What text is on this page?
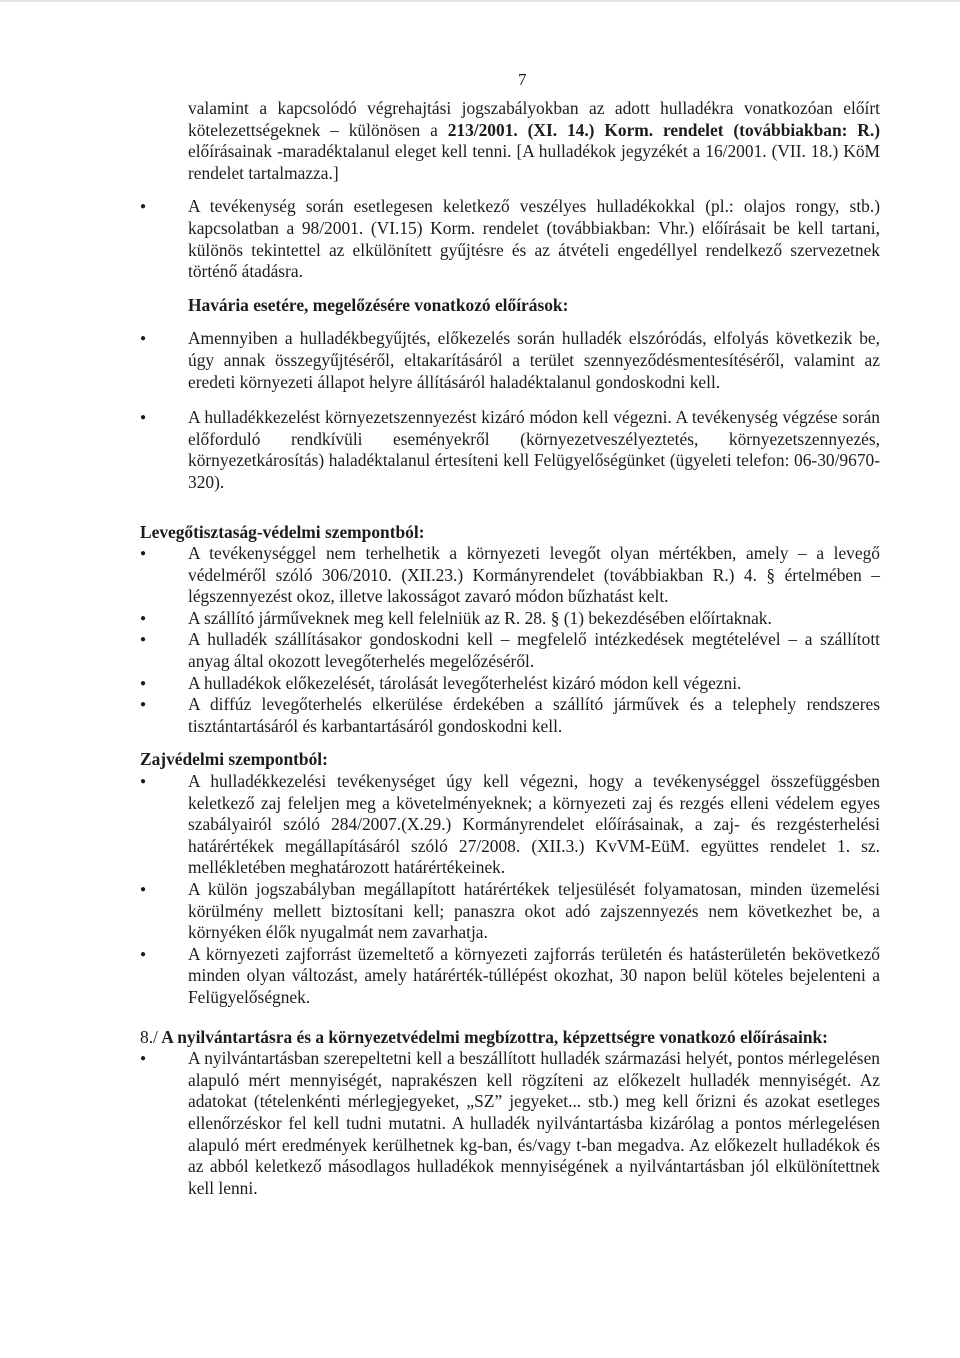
7

valamint a kapcsolódó végrehajtási jogszabályokban az adott hulladékra vonatkozóan előírt kötelezettségeknek – különösen a 213/2001. (XI. 14.) Korm. rendelet (továbbiakban: R.) előírásainak -maradéktalanul eleget kell tenni. [A hulladékok jegyzékét a 16/2001. (VII. 18.) KöM rendelet tartalmazza.]

● A tevékenység során esetlegesen keletkező veszélyes hulladékokkal (pl.: olajos rongy, stb.) kapcsolatban a 98/2001. (VI.15) Korm. rendelet (továbbiakban: Vhr.) előírásait be kell tartani, különös tekintettel az elkülönített gyűjtésre és az átvételi engedéllyel rendelkező szervezetnek történő átadásra.

Havária esetére, megelőzésére vonatkozó előírások:

● Amennyiben a hulladékbegyűjtés, előkezelés során hulladék elszóródás, elfolyás következik be, úgy annak összegyűjtéséről, eltakarításáról a terület szennyeződésmentesítéséről, valamint az eredeti környezeti állapot helyre állításáról haladéktalanul gondoskodni kell.
● A hulladékkezelést környezetszennyezést kizáró módon kell végezni. A tevékenység végzése során előforduló rendkívüli eseményekről (környezetveszélyeztetés, környezetszennyezés, környezetkárosítás) haladéktalanul értesíteni kell Felügyelőségünket (ügyeleti telefon: 06-30/9670-320).

Levegőtisztaság-védelmi szempontból:

● A tevékenységgel nem terhelhetik a környezeti levegőt olyan mértékben, amely – a levegő védelméről szóló 306/2010. (XII.23.) Kormányrendelet (továbbiakban R.) 4. § értelmében – légszennyezést okoz, illetve lakosságot zavaró módon bűzhatást kelt.
● A szállító járműveknek meg kell felelniük az R. 28. § (1) bekezdésében előírtaknak.
● A hulladék szállításakor gondoskodni kell – megfelelő intézkedések megtételével – a szállított anyag által okozott levegőterhelés megelőzéséről.
● A hulladékok előkezelését, tárolását levegőterhelést kizáró módon kell végezni.
● A diffúz levegőterhelés elkerülése érdekében a szállító járművek és a telephely rendszeres tisztántartásáról és karbantartásáról gondoskodni kell.

Zajvédelmi szempontból:

● A hulladékkezelési tevékenységet úgy kell végezni, hogy a tevékenységgel összefüggésben keletkező zaj feleljen meg a követelményeknek; a környezeti zaj és rezgés elleni védelem egyes szabályairól szóló 284/2007.(X.29.) Kormányrendelet előírásainak, a zaj- és rezgésterhelési határértékek megállapításáról szóló 27/2008. (XII.3.) KvVM-EüM. együttes rendelet 1. sz. mellékletében meghatározott határértékeinek.
● A külön jogszabályban megállapított határértékek teljesülését folyamatosan, minden üzemelési körülmény mellett biztosítani kell; panaszra okot adó zajszennyezés nem következhet be, a környéken élők nyugalmát nem zavarhatja.
● A környezeti zajforrást üzemeltető a környezeti zajforrás területén és hatásterületén bekövetkező minden olyan változást, amely határérték-túllépést okozhat, 30 napon belül köteles bejelenteni a Felügyelőségnek.

8./ A nyilvántartásra és a környezetvédelmi megbízottra, képzettségre vonatkozó előírásaink:

● A nyilvántartásban szerepeltetni kell a beszállított hulladék származási helyét, pontos mérlegelésen alapuló mért mennyiségét, naprakészen kell rögzíteni az előkezelt hulladék mennyiségét. Az adatokat (tételenkénti mérlegjegyeket, „SZ” jegyeket... stb.) meg kell őrizni és azokat esetleges ellenőrzéskor fel kell tudni mutatni. A hulladék nyilvántartásba kizárólag a pontos mérlegelésen alapuló mért eredmények kerülhetnek kg-ban, és/vagy t-ban megadva. Az előkezelt hulladékok és az abból keletkező másodlagos hulladékok mennyiségének a nyilvántartásban jól elkülönítettnek kell lenni.
